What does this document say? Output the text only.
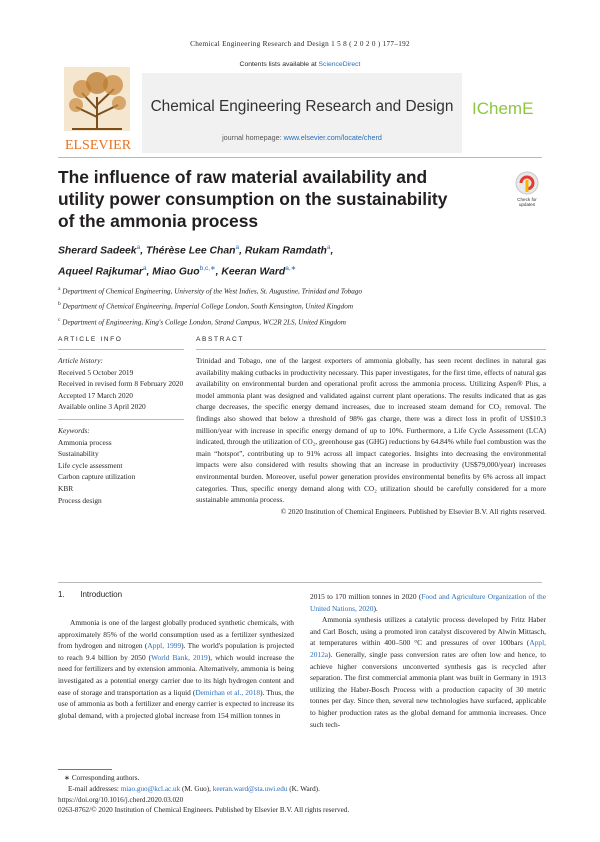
Chemical Engineering Research and Design 1 5 8 ( 2 0 2 0 ) 177–192
ELSEVIER
Contents lists available at ScienceDirect
Chemical Engineering Research and Design
journal homepage: www.elsevier.com/locate/cherd
IChemE
The influence of raw material availability and utility power consumption on the sustainability of the ammonia process
Check for
updates
Sherard Sadeek$^a$, Thérèse Lee Chan$^a$, Rukam Ramdath$^a$,
Aqueel Rajkumar$^a$, Miao Guo$^{b,c,∗}$, Keeran Ward$^{a,∗}$
$^a$ Department of Chemical Engineering, University of the West Indies, St. Augustine, Trinidad and Tobago
$^b$ Department of Chemical Engineering, Imperial College London, South Kensington, United Kingdom
$^c$ Department of Engineering, King's College London, Strand Campus, WC2R 2LS, United Kingdom
ARTICLE INFO
Article history:
Received 5 October 2019
Received in revised form 8 February 2020
Accepted 17 March 2020
Available online 3 April 2020
Keywords:
Ammonia process
Sustainability
Life cycle assessment
Carbon capture utilization
KBR
Process design
ABSTRACT
Trinidad and Tobago, one of the largest exporters of ammonia globally, has seen recent declines in natural gas availability making cutbacks in productivity necessary. This paper investigates, for the first time, effects of natural gas availability on environmental burden and operational profit across the ammonia process. Utilizing Aspen® Plus, a model ammonia plant was designed and validated against current plant operations. The results indicated that as gas charge decreases, the specific energy demand increases, due to increased steam demand for CO₂ removal. The findings also showed that below a threshold of 98% gas charge, there was a direct loss in profit of US$10.3 million/year with increase in specific energy demand of up to 10%. Furthermore, a Life Cycle Assessment (LCA) indicated, through the utilization of CO₂, greenhouse gas (GHG) reductions by 64.84% while fuel combustion was the main “hotspot”, contributing up to 91% across all impact categories. Insights into decreasing the environmental impacts were also considered with results showing that an increase in productivity (US$79,000/year) increases environmental burden. Moreover, useful power generation provides environmental benefits by 6% across all impact categories. Thus, specific energy demand along with CO₂ utilization should be carefully considered for a more sustainable ammonia process.
© 2020 Institution of Chemical Engineers. Published by Elsevier B.V. All rights reserved.
1. Introduction
Ammonia is one of the largest globally produced synthetic chemicals, with approximately 85% of the world consumption used as a fertilizer synthesized from hydrogen and nitrogen (Appl, 1999). The world's population is projected to reach 9.4 billion by 2050 (World Bank, 2019), which would increase the need for fertilizers and by extension ammonia. Alternatively, ammonia is being investigated as a potential energy carrier due to its high hydrogen content and ease of storage and transportation as a liquid (Demirhan et al., 2018). Thus, the use of ammonia as both a fertilizer and energy carrier is expected to increase its global demand, with a projected global increase from 154 million tonnes in
2015 to 170 million tonnes in 2020 (Food and Agriculture Organization of the United Nations, 2020).
Ammonia synthesis utilizes a catalytic process developed by Fritz Haber and Carl Bosch, using a promoted iron catalyst discovered by Alwin Mittasch, at temperatures within 400–500 °C and pressures of over 100bars (Appl, 2012a). Generally, single pass conversion rates are often low and hence, to achieve higher conversions unconverted synthesis gas is recycled after separation. The first commercial ammonia plant was built in Germany in 1913 utilizing the Haber-Bosch Process with a production capacity of 30 metric tonnes per day. Since then, several new technologies have surfaced, applicable to higher production rates as the global demand for ammonia increases. Once such tech-
∗ Corresponding authors.
E-mail addresses: miao.guo@kcl.ac.uk (M. Guo), keeran.ward@sta.uwi.edu (K. Ward).
https://doi.org/10.1016/j.cherd.2020.03.020
0263-8762/© 2020 Institution of Chemical Engineers. Published by Elsevier B.V. All rights reserved.
